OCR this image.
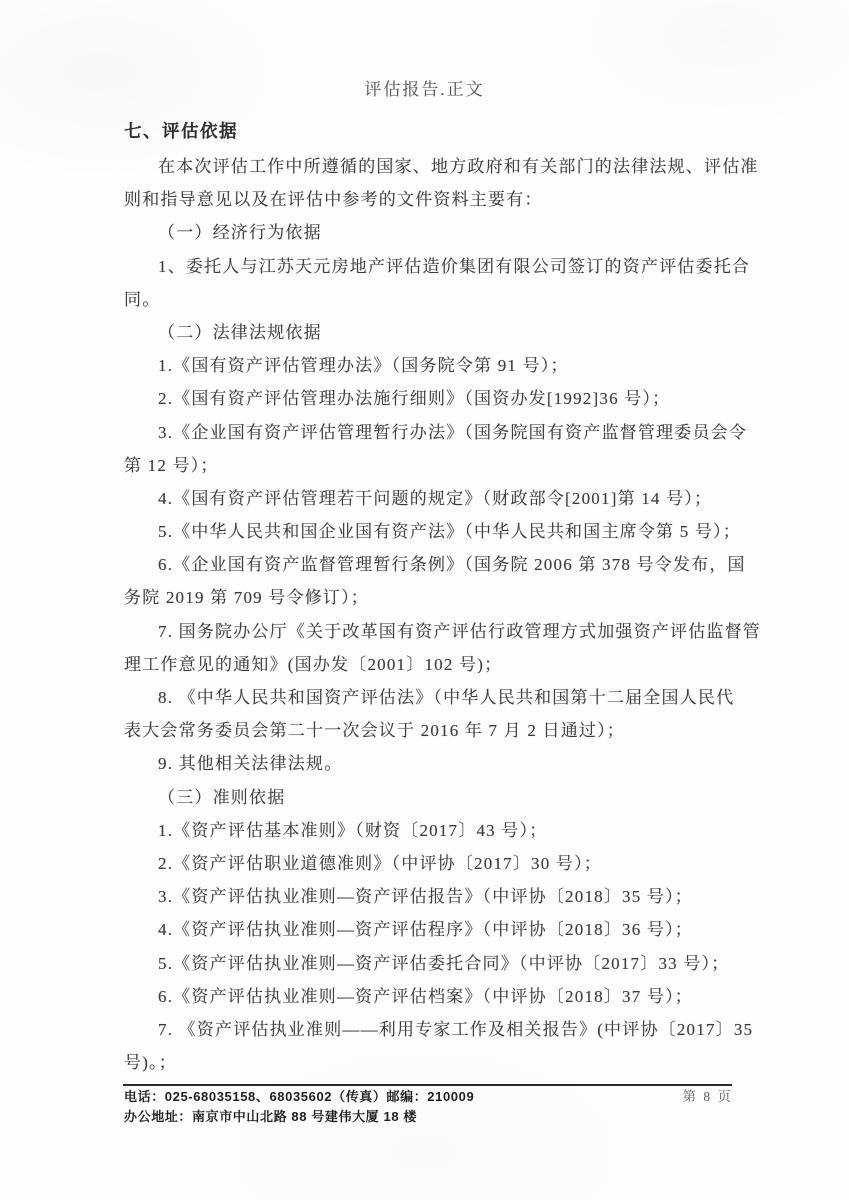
评估报告.正文
七、评估依据
在本次评估工作中所遵循的国家、地方政府和有关部门的法律法规、评估准
则和指导意见以及在评估中参考的文件资料主要有：
（一）经济行为依据
1、委托人与江苏天元房地产评估造价集团有限公司签订的资产评估委托合
同。
（二）法律法规依据
1.《国有资产评估管理办法》（国务院令第 91 号）；
2.《国有资产评估管理办法施行细则》（国资办发[1992]36 号）；
3.《企业国有资产评估管理暂行办法》（国务院国有资产监督管理委员会令
第 12 号）；
4.《国有资产评估管理若干问题的规定》（财政部令[2001]第 14 号）；
5.《中华人民共和国企业国有资产法》（中华人民共和国主席令第 5 号）；
6.《企业国有资产监督管理暂行条例》（国务院 2006 第 378 号令发布，国
务院 2019 第 709 号令修订）；
7. 国务院办公厅《关于改革国有资产评估行政管理方式加强资产评估监督管
理工作意见的通知》(国办发〔2001〕102 号)；
8. 《中华人民共和国资产评估法》（中华人民共和国第十二届全国人民代
表大会常务委员会第二十一次会议于 2016 年 7 月 2 日通过）；
9. 其他相关法律法规。
（三）准则依据
1.《资产评估基本准则》（财资〔2017〕43 号）；
2.《资产评估职业道德准则》（中评协〔2017〕30 号）；
3.《资产评估执业准则—资产评估报告》（中评协〔2018〕35 号）；
4.《资产评估执业准则—资产评估程序》（中评协〔2018〕36 号）；
5.《资产评估执业准则—资产评估委托合同》（中评协〔2017〕33 号）；
6.《资产评估执业准则—资产评估档案》（中评协〔2018〕37 号）；
7. 《资产评估执业准则——利用专家工作及相关报告》(中评协〔2017〕35
号)。；
电话：025-68035158、68035602（传真）邮编：210009
办公地址：南京市中山北路 88 号建伟大厦 18 楼
第 8 页
